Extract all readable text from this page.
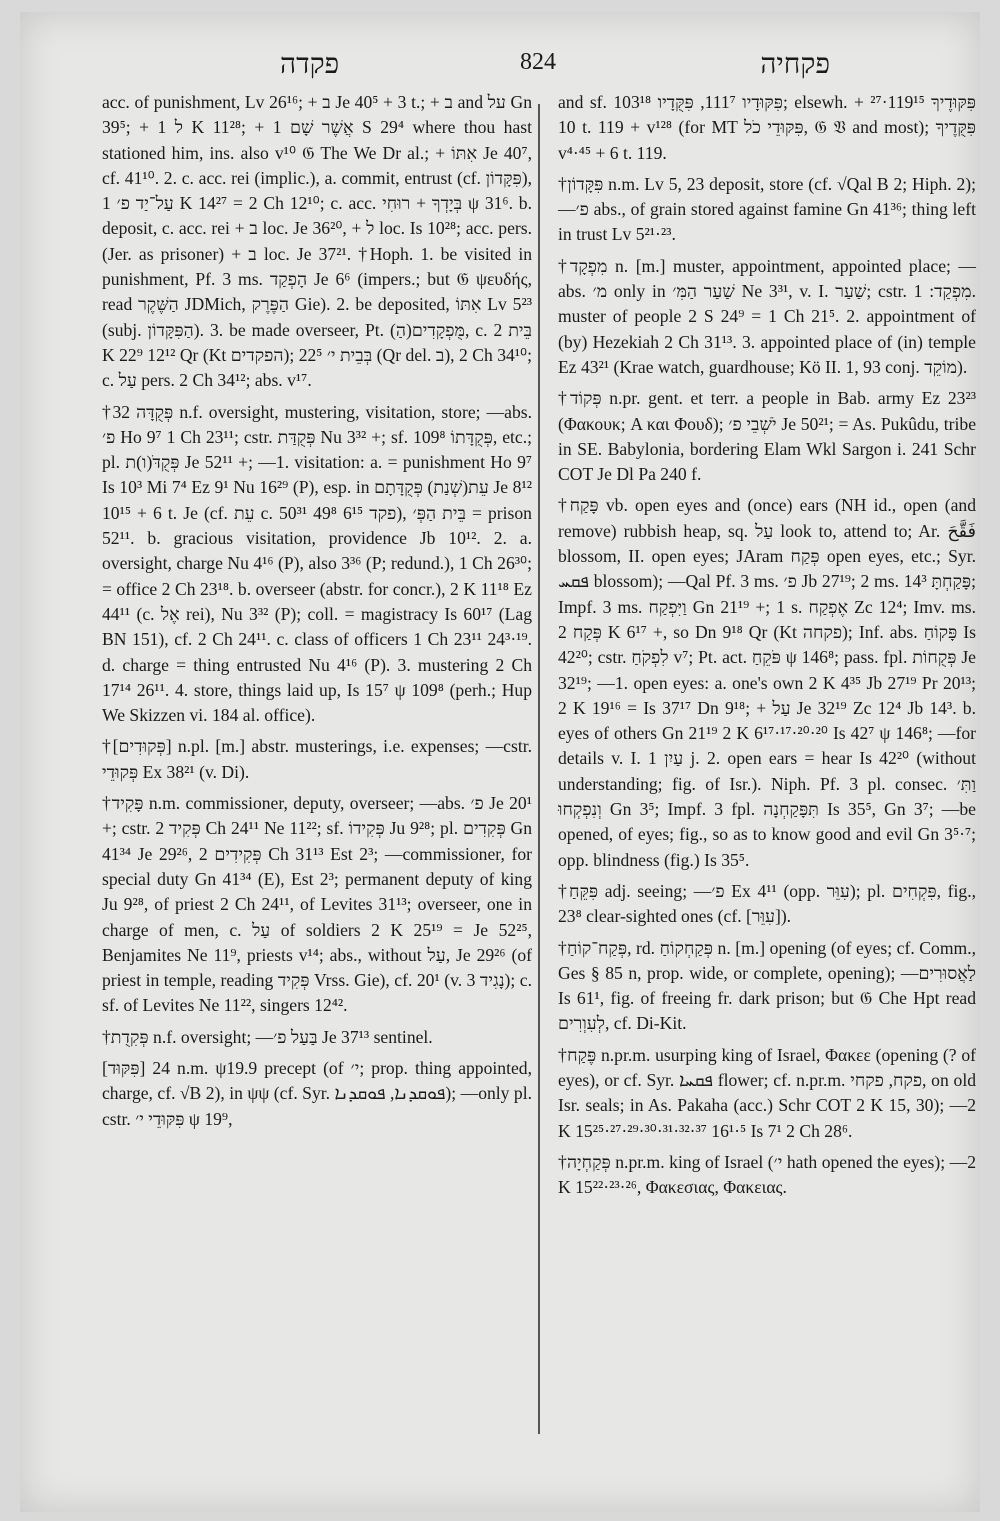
פקדה	824	פקחיה

acc. of punishment, Lv 26¹⁶; + ב Je 40⁵ + 3 t.; + ב and על Gn 39⁵; + ל 1 K 11²⁸; + אֲשֶׁר שָׁם 1 S 29⁴ where thou hast stationed him, ins. also v¹⁰ 𝔊 The We Dr al.; + אִתּוֹ Je 40⁷, cf. 41¹⁰. 2. c. acc. rei (implic.), a. commit, entrust (cf. פִּקָּדוֹן), עַל־יַד פ׳ 1 K 14²⁷ = 2 Ch 12¹⁰; c. acc. בְּיָדְךָ + רוּחִי ψ 31⁶. b. deposit, c. acc. rei + ב loc. Je 36²⁰, + ל loc. Is 10²⁸; acc. pers. (Jer. as prisoner) + ב loc. Je 37²¹. †Hoph. 1. be visited in punishment, Pf. 3 ms. הָפְקַד Je 6⁶ (impers.; but 𝔊 ψευδής, read הַשֶּׁקֶר JDMich, הַפֶּרֶק Gie). 2. be deposited, אִתּוֹ Lv 5²³ (subj. הַפִּקָּדוֹן). 3. be made overseer, Pt. (הַ)מֻּפְקָדִים, c. בֵּית 2 K 22⁹ 12¹² Qr (Kt הפקדים); בְּבֵית י׳ 22⁵ (Qr del. ב), 2 Ch 34¹⁰; c. עַל pers. 2 Ch 34¹²; abs. v¹⁷.

†פְּקֻדָּה 32 n.f. oversight, mustering, visitation, store; —abs. פ׳ Ho 9⁷ 1 Ch 23¹¹; cstr. פְּקֻדַּת Nu 3³² +; sf. פְּקֻדָּתוֹ 109⁸, etc.; pl. פְּקֻדֹּ(ו)ת Je 52¹¹ +; —1. visitation: a. = punishment Ho 9⁷ Is 10³ Mi 7⁴ Ez 9¹ Nu 16²⁹ (P), esp. in עֵת(שְׁנַת) פְּקֻדָּתָם Je 8¹² 10¹⁵ + 6 t. Je (cf. עֵת c. פקד 6¹⁵ 49⁸ 50³¹), בֵּית הַפְּ׳ = prison 52¹¹. b. gracious visitation, providence Jb 10¹². 2. a. oversight, charge Nu 4¹⁶ (P), also 3³⁶ (P; redund.), 1 Ch 26³⁰; = office 2 Ch 23¹⁸. b. overseer (abstr. for concr.), 2 K 11¹⁸ Ez 44¹¹ (c. אֶל rei), Nu 3³² (P); coll. = magistracy Is 60¹⁷ (Lag BN 151), cf. 2 Ch 24¹¹. c. class of officers 1 Ch 23¹¹ 24³·¹⁹. d. charge = thing entrusted Nu 4¹⁶ (P). 3. mustering 2 Ch 17¹⁴ 26¹¹. 4. store, things laid up, Is 15⁷ ψ 109⁸ (perh.; Hup We Skizzen vi. 184 al. office).

†[פְּקוּדִים] n.pl. [m.] abstr. musterings, i.e. expenses; —cstr. פְּקוּדֵי Ex 38²¹ (v. Di).

†פָּקִיד n.m. commissioner, deputy, overseer; —abs. פ׳ Je 20¹ +; cstr. פְּקִיד 2 Ch 24¹¹ Ne 11²²; sf. פְּקִידוֹ Ju 9²⁸; pl. פְּקִדִים Gn 41³⁴ Je 29²⁶, פְּקִידִים 2 Ch 31¹³ Est 2³; —commissioner, for special duty Gn 41³⁴ (E), Est 2³; permanent deputy of king Ju 9²⁸, of priest 2 Ch 24¹¹, of Levites 31¹³; overseer, one in charge of men, c. עַל of soldiers 2 K 25¹⁹ = Je 52²⁵, Benjamites Ne 11⁹, priests v¹⁴; abs., without עַל, Je 29²⁶ (of priest in temple, reading פְּקִיד Vrss. Gie), cf. 20¹ (v. נָגִיד 3); c. sf. of Levites Ne 11²², singers 12⁴².

†פְּקִדֻת n.f. oversight; —בַּעַל פ׳ Je 37¹³ sentinel.

[פִּקּוּד] 24 n.m. ψ19.9 precept (of י׳; prop. thing appointed, charge, cf. √B 2), in ψψ (cf. Syr. ܦܘܩܕܢܐ, ܦܘܩܕܢܐ); —only pl. cstr. פִּקּוּדֵי י׳ ψ 19⁹,

and sf. פִּקּוּדָיו 111⁷, פִּקֻּדָיו 103¹⁸; elsewh. פִּקּוּדֶיךָ 119¹⁵·²⁷ + 10 t. 119 + v¹²⁸ (for MT פִּקּוּדֵי כֹל, 𝔊 𝔙 and most); פִּקֻּדֶיךָ v⁴·⁴⁵ + 6 t. 119.

†פִּקָּדוֹן n.m. Lv 5, 23 deposit, store (cf. √Qal B 2; Hiph. 2); —פ׳ abs., of grain stored against famine Gn 41³⁶; thing left in trust Lv 5²¹·²³.

†מִפְקָד n. [m.] muster, appointment, appointed place; —abs. מ׳ only in שַׁעַר הַמִּ׳ Ne 3³¹, v. I. שַׁעַר; cstr. מִפְקַד: 1. muster of people 2 S 24⁹ = 1 Ch 21⁵. 2. appointment of (by) Hezekiah 2 Ch 31¹³. 3. appointed place of (in) temple Ez 43²¹ (Krae watch, guardhouse; Kö II. 1, 93 conj. מוֹקֵד).

†פְּקוֹד n.pr. gent. et terr. a people in Bab. army Ez 23²³ (Φακουκ; A και Φουδ); יֹשְׁבֵי פ׳ Je 50²¹; = As. Pukûdu, tribe in SE. Babylonia, bordering Elam Wkl Sargon i. 241 Schr COT Je Dl Pa 240 f.

†פָּקַח vb. open eyes and (once) ears (NH id., open (and remove) rubbish heap, sq. עַל look to, attend to; Ar. فَقَّحَ blossom, II. open eyes; JAram פְּקַח open eyes, etc.; Syr. ܦܩܚ blossom); —Qal Pf. 3 ms. פ׳ Jb 27¹⁹; 2 ms. פָּקַחְתָּ 14³; Impf. 3 ms. וַיִּפְקַח Gn 21¹⁹ +; 1 s. אֶפְקַח Zc 12⁴; Imv. ms. פְּקַח 2 K 6¹⁷ +, so Dn 9¹⁸ Qr (Kt פקחה); Inf. abs. פָּקוֹחַ Is 42²⁰; cstr. לִפְקֹחַ v⁷; Pt. act. פֹּקֵחַ ψ 146⁸; pass. fpl. פְּקֻחוֹת Je 32¹⁹; —1. open eyes: a. one's own 2 K 4³⁵ Jb 27¹⁹ Pr 20¹³; 2 K 19¹⁶ = Is 37¹⁷ Dn 9¹⁸; + עַל Je 32¹⁹ Zc 12⁴ Jb 14³. b. eyes of others Gn 21¹⁹ 2 K 6¹⁷·¹⁷·²⁰·²⁰ Is 42⁷ ψ 146⁸; —for details v. I. עַיִן 1 j. 2. open ears = hear Is 42²⁰ (without understanding; fig. of Isr.). Niph. Pf. 3 pl. consec. וַתִּ׳ וְנִפְקְחוּ Gn 3⁵; Impf. 3 fpl. תִּפָּקַחְנָה Is 35⁵, Gn 3⁷; —be opened, of eyes; fig., so as to know good and evil Gn 3⁵·⁷; opp. blindness (fig.) Is 35⁵.

†פִּקֵּחַ adj. seeing; —פ׳ Ex 4¹¹ (opp. עִוֵּר); pl. פִּקְחִים, fig., 23⁸ clear-sighted ones (cf. [עִוֵּר]).

†פְּקַח־קוֹחַ, rd. פְּקַחְקוֹחַ n. [m.] opening (of eyes; cf. Comm., Ges § 85 n, prop. wide, or complete, opening); —לַאֲסוּרִים Is 61¹, fig. of freeing fr. dark prison; but 𝔊 Che Hpt read לְעִוְרִים, cf. Di-Kit.

†פֶּקַח n.pr.m. usurping king of Israel, Φακεε (opening (? of eyes), or cf. Syr. ܦܩܚܐ flower; cf. n.pr.m. פקח, פקחי, on old Isr. seals; in As. Pakaha (acc.) Schr COT 2 K 15, 30); —2 K 15²⁵·²⁷·²⁹·³⁰·³¹·³²·³⁷ 16¹·⁵ Is 7¹ 2 Ch 28⁶.

†פְּקַחְיָה n.pr.m. king of Israel (י׳ hath opened the eyes); —2 K 15²²·²³·²⁶, Φακεσιας, Φακειας.
